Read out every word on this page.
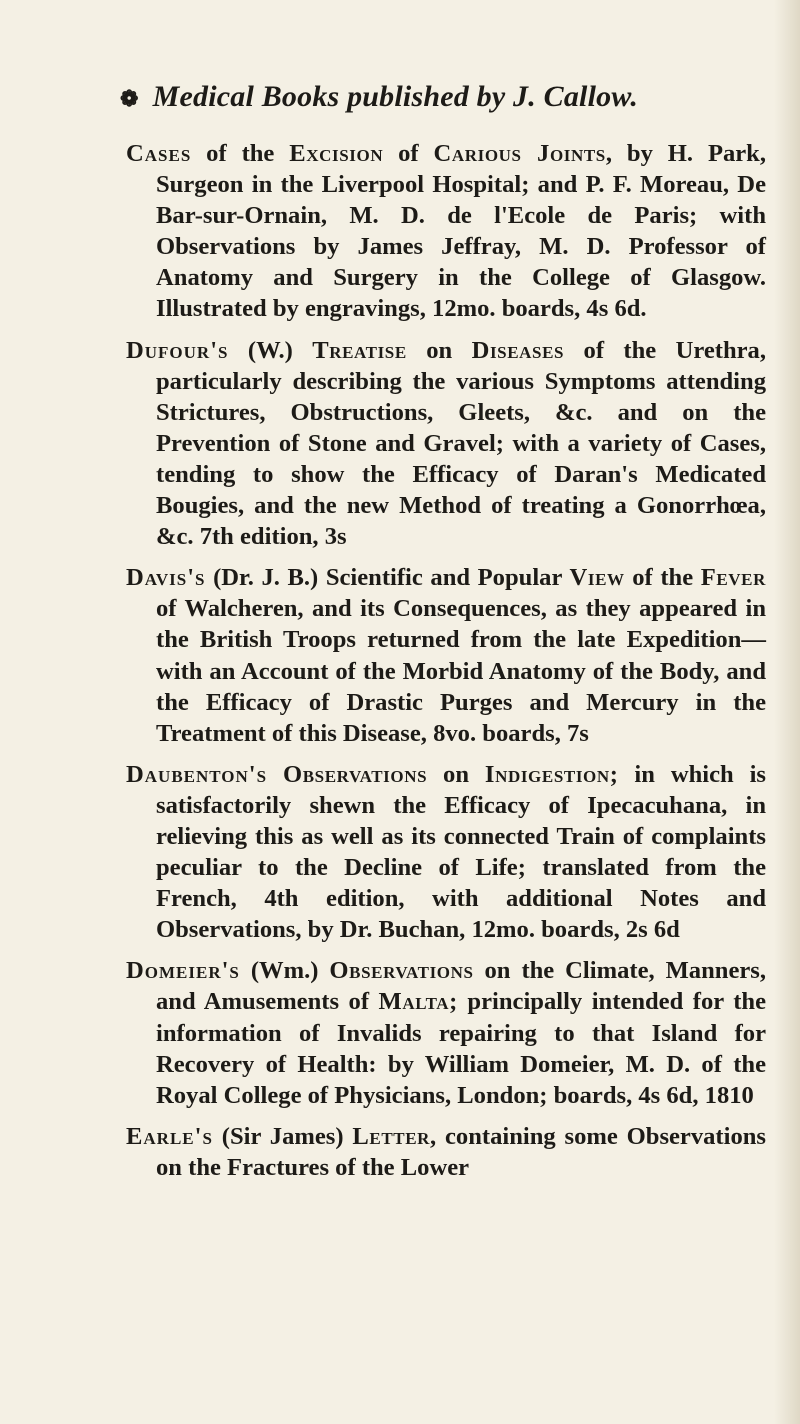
❁ Medical Books published by J. Callow.

Cases of the Excision of Carious Joints, by H. Park, Surgeon in the Liverpool Hospital; and P. F. Moreau, De Bar-sur-Ornain, M. D. de l'Ecole de Paris; with Observations by James Jeffray, M. D. Professor of Anatomy and Surgery in the College of Glasgow. Illustrated by engravings, 12mo. boards, 4s 6d.

Dufour's (W.) Treatise on Diseases of the Urethra, particularly describing the various Symptoms attending Strictures, Obstructions, Gleets, &c. and on the Prevention of Stone and Gravel; with a variety of Cases, tending to show the Efficacy of Daran's Medicated Bougies, and the new Method of treating a Gonorrhœa, &c. 7th edition, 3s

Davis's (Dr. J. B.) Scientific and Popular View of the Fever of Walcheren, and its Consequences, as they appeared in the British Troops returned from the late Expedition—with an Account of the Morbid Anatomy of the Body, and the Efficacy of Drastic Purges and Mercury in the Treatment of this Disease, 8vo. boards, 7s

Daubenton's Observations on Indigestion; in which is satisfactorily shewn the Efficacy of Ipecacuhana, in relieving this as well as its connected Train of complaints peculiar to the Decline of Life; translated from the French, 4th edition, with additional Notes and Observations, by Dr. Buchan, 12mo. boards, 2s 6d

Domeier's (Wm.) Observations on the Climate, Manners, and Amusements of Malta; principally intended for the information of Invalids repairing to that Island for Recovery of Health: by William Domeier, M. D. of the Royal College of Physicians, London; boards, 4s 6d, 1810

Earle's (Sir James) Letter, containing some Observations on the Fractures of the Lower
